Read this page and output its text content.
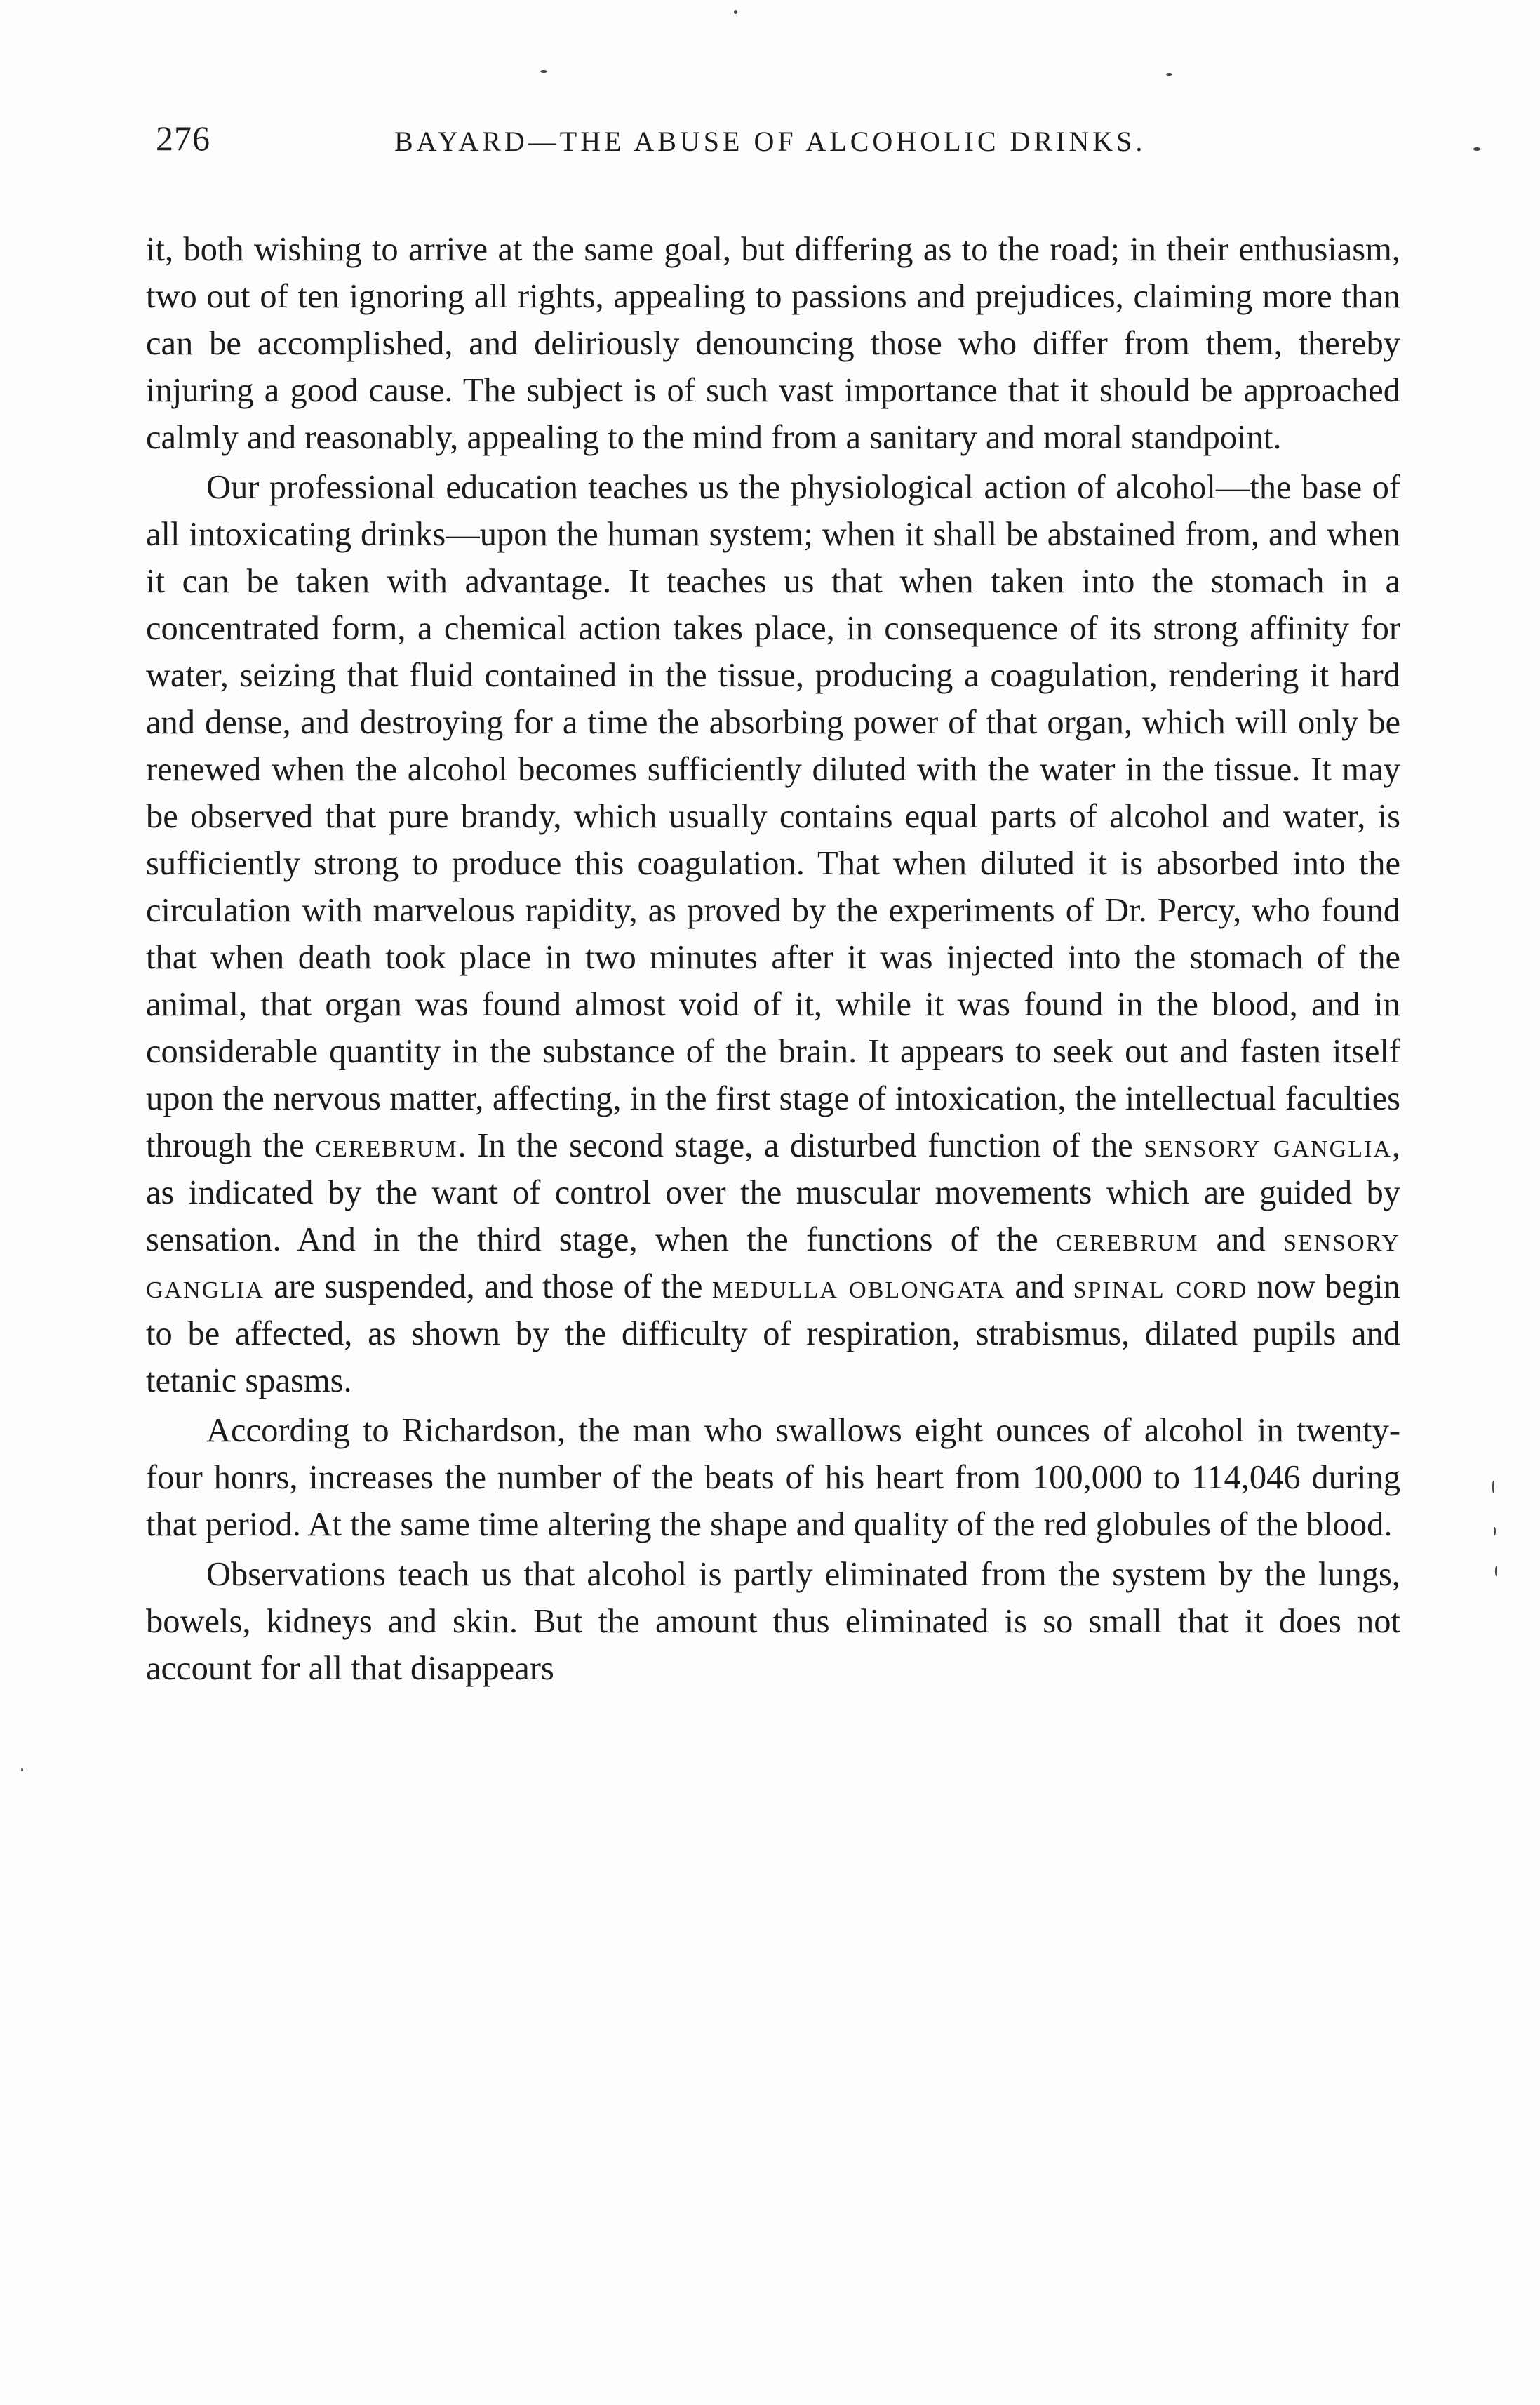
276	BAYARD—THE ABUSE OF ALCOHOLIC DRINKS.

it, both wishing to arrive at the same goal, but differing as to the road; in their enthusiasm, two out of ten ignoring all rights, appealing to passions and prejudices, claiming more than can be accomplished, and deliriously denouncing those who differ from them, thereby injuring a good cause. The subject is of such vast importance that it should be approached calmly and reasonably, appealing to the mind from a sanitary and moral standpoint.

Our professional education teaches us the physiological action of alcohol—the base of all intoxicating drinks—upon the human system; when it shall be abstained from, and when it can be taken with advantage. It teaches us that when taken into the stomach in a concentrated form, a chemical action takes place, in consequence of its strong affinity for water, seizing that fluid contained in the tissue, producing a coagulation, rendering it hard and dense, and destroying for a time the absorbing power of that organ, which will only be renewed when the alcohol becomes sufficiently diluted with the water in the tissue. It may be observed that pure brandy, which usually contains equal parts of alcohol and water, is sufficiently strong to produce this coagulation. That when diluted it is absorbed into the circulation with marvelous rapidity, as proved by the experiments of Dr. Percy, who found that when death took place in two minutes after it was injected into the stomach of the animal, that organ was found almost void of it, while it was found in the blood, and in considerable quantity in the substance of the brain. It appears to seek out and fasten itself upon the nervous matter, affecting, in the first stage of intoxication, the intellectual faculties through the cerebrum. In the second stage, a disturbed function of the sensory ganglia, as indicated by the want of control over the muscular movements which are guided by sensation. And in the third stage, when the functions of the cerebrum and sensory ganglia are suspended, and those of the medulla oblongata and spinal cord now begin to be affected, as shown by the difficulty of respiration, strabismus, dilated pupils and tetanic spasms.

According to Richardson, the man who swallows eight ounces of alcohol in twenty-four honrs, increases the number of the beats of his heart from 100,000 to 114,046 during that period. At the same time altering the shape and quality of the red globules of the blood.

Observations teach us that alcohol is partly eliminated from the system by the lungs, bowels, kidneys and skin. But the amount thus eliminated is so small that it does not account for all that disappears
